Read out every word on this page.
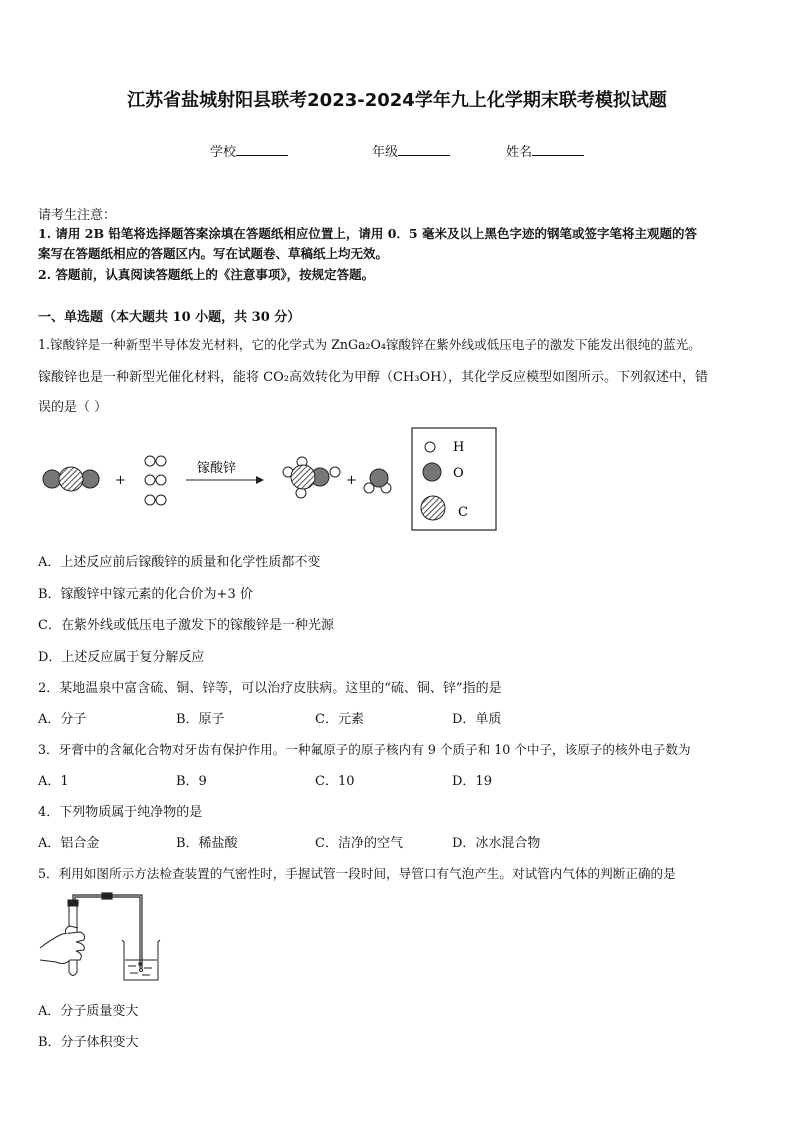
江苏省盐城射阳县联考2023-2024学年九上化学期末联考模拟试题
学校	年级	姓名
请考生注意：
1. 请用 2B 铅笔将选择题答案涂填在答题纸相应位置上，请用 0．5 毫米及以上黑色字迹的钢笔或签字笔将主观题的答
案写在答题纸相应的答题区内。写在试题卷、草稿纸上均无效。
2. 答题前，认真阅读答题纸上的《注意事项》，按规定答题。
一、单选题（本大题共 10 小题，共 30 分）
1.镓酸锌是一种新型半导体发光材料，它的化学式为 ZnGa₂O₄镓酸锌在紫外线或低压电子的激发下能发出很纯的蓝光。
镓酸锌也是一种新型光催化材料，能将 CO₂高效转化为甲醇（CH₃OH），其化学反应模型如图所示。下列叙述中，错
误的是（ ）
+
镓酸锌
+
H
O
C
A．上述反应前后镓酸锌的质量和化学性质都不变
B．镓酸锌中镓元素的化合价为+3 价
C．在紫外线或低压电子激发下的镓酸锌是一种光源
D．上述反应属于复分解反应
2．某地温泉中富含硫、铜、锌等，可以治疗皮肤病。这里的“硫、铜、锌”指的是
A．分子	B．原子	C．元素	D．单质
3．牙膏中的含氟化合物对牙齿有保护作用。一种氟原子的原子核内有 9 个质子和 10 个中子，该原子的核外电子数为
A．1	B．9	C．10	D．19
4．下列物质属于纯净物的是
A．铝合金	B．稀盐酸	C．洁净的空气	D．冰水混合物
5．利用如图所示方法检查装置的气密性时，手握试管一段时间，导管口有气泡产生。对试管内气体的判断正确的是
A．分子质量变大
B．分子体积变大
